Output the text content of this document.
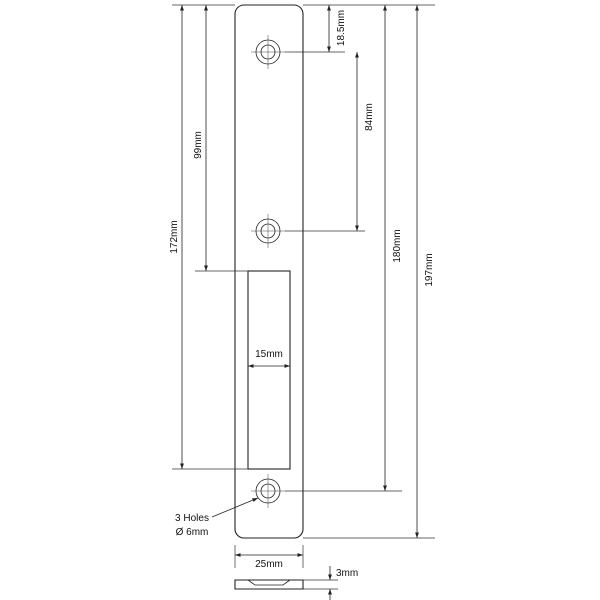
18.5mm
84mm
180mm
197mm
99mm
172mm
15mm
25mm
3 Holes
Ø 6mm
3mm
